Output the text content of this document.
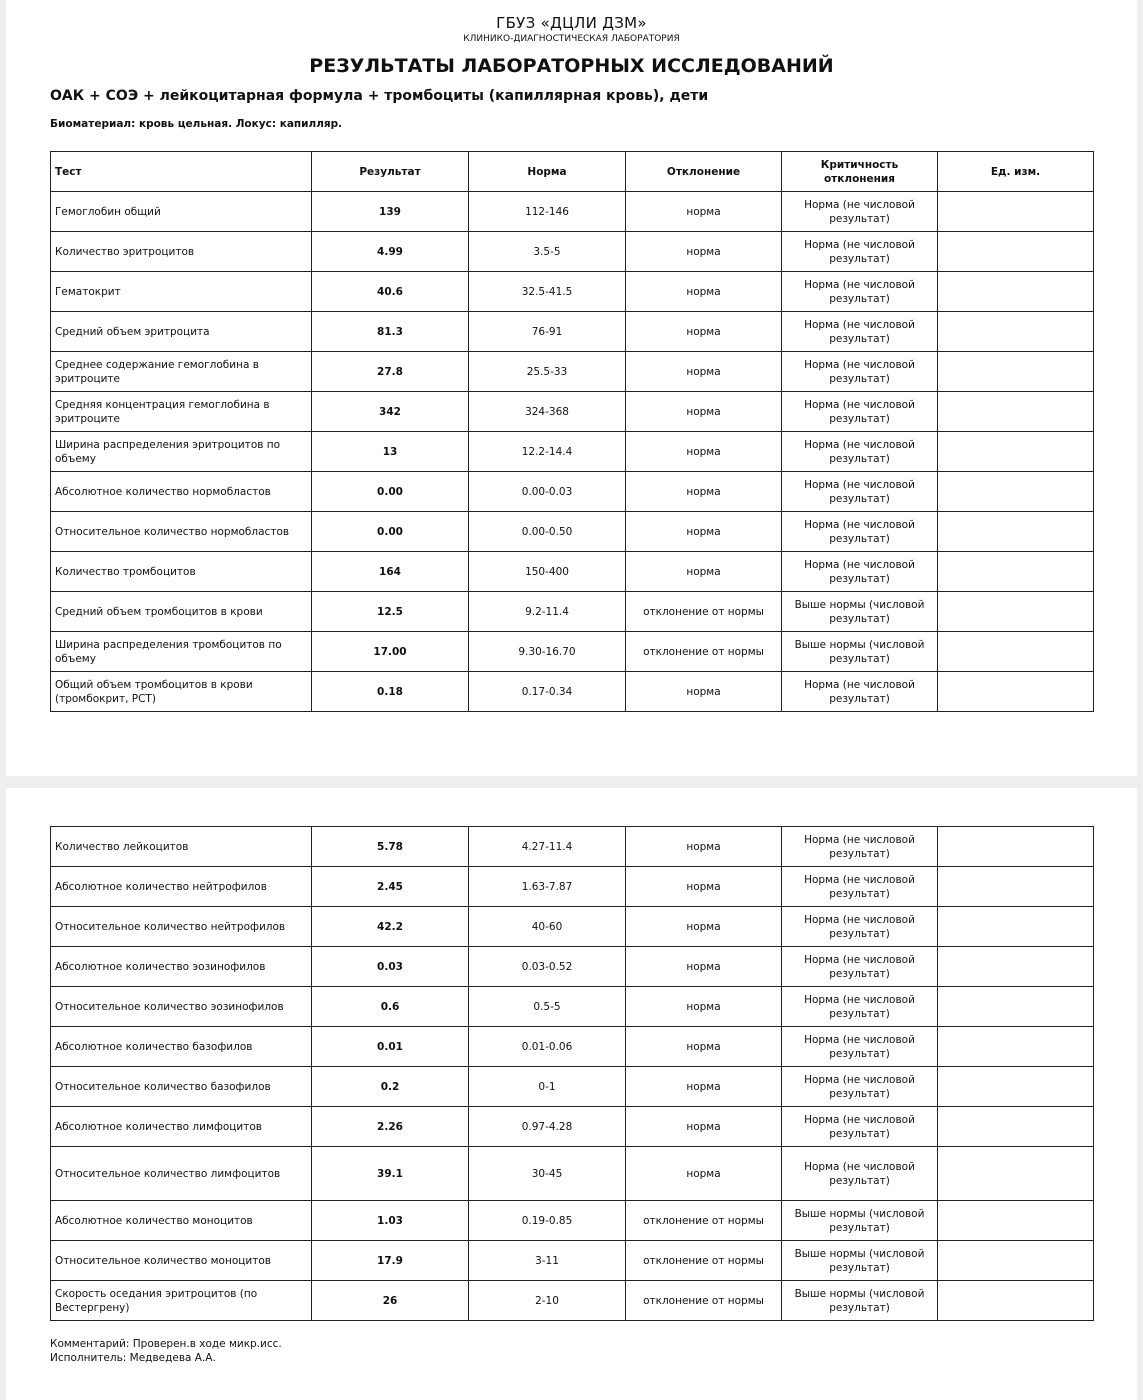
ГБУЗ «ДЦЛИ ДЗМ»
КЛИНИКО-ДИАГНОСТИЧЕСКАЯ ЛАБОРАТОРИЯ
РЕЗУЛЬТАТЫ ЛАБОРАТОРНЫХ ИССЛЕДОВАНИЙ
ОАК + СОЭ + лейкоцитарная формула + тромбоциты (капиллярная кровь), дети
Биоматериал: кровь цельная. Локус: капилляр.
Тест	Результат	Норма	Отклонение	Критичность отклонения	Ед. изм.
Гемоглобин общий	139	112-146	норма	Норма (не числовой результат)	
Количество эритроцитов	4.99	3.5-5	норма	Норма (не числовой результат)	
Гематокрит	40.6	32.5-41.5	норма	Норма (не числовой результат)	
Средний объем эритроцита	81.3	76-91	норма	Норма (не числовой результат)	
Среднее содержание гемоглобина в эритроците	27.8	25.5-33	норма	Норма (не числовой результат)	
Средняя концентрация гемоглобина в эритроците	342	324-368	норма	Норма (не числовой результат)	
Ширина распределения эритроцитов по объему	13	12.2-14.4	норма	Норма (не числовой результат)	
Абсолютное количество нормобластов	0.00	0.00-0.03	норма	Норма (не числовой результат)	
Относительное количество нормобластов	0.00	0.00-0.50	норма	Норма (не числовой результат)	
Количество тромбоцитов	164	150-400	норма	Норма (не числовой результат)	
Средний объем тромбоцитов в крови	12.5	9.2-11.4	отклонение от нормы	Выше нормы (числовой результат)	
Ширина распределения тромбоцитов по объему	17.00	9.30-16.70	отклонение от нормы	Выше нормы (числовой результат)	
Общий объем тромбоцитов в крови (тромбокрит, PCT)	0.18	0.17-0.34	норма	Норма (не числовой результат)	
Количество лейкоцитов	5.78	4.27-11.4	норма	Норма (не числовой результат)	
Абсолютное количество нейтрофилов	2.45	1.63-7.87	норма	Норма (не числовой результат)	
Относительное количество нейтрофилов	42.2	40-60	норма	Норма (не числовой результат)	
Абсолютное количество эозинофилов	0.03	0.03-0.52	норма	Норма (не числовой результат)	
Относительное количество эозинофилов	0.6	0.5-5	норма	Норма (не числовой результат)	
Абсолютное количество базофилов	0.01	0.01-0.06	норма	Норма (не числовой результат)	
Относительное количество базофилов	0.2	0-1	норма	Норма (не числовой результат)	
Абсолютное количество лимфоцитов	2.26	0.97-4.28	норма	Норма (не числовой результат)	
Относительное количество лимфоцитов	39.1	30-45	норма	Норма (не числовой результат)	
Абсолютное количество моноцитов	1.03	0.19-0.85	отклонение от нормы	Выше нормы (числовой результат)	
Относительное количество моноцитов	17.9	3-11	отклонение от нормы	Выше нормы (числовой результат)	
Скорость оседания эритроцитов (по Вестергрену)	26	2-10	отклонение от нормы	Выше нормы (числовой результат)	
Комментарий: Проверен.в ходе микр.исс.
Исполнитель: Медведева А.А.
